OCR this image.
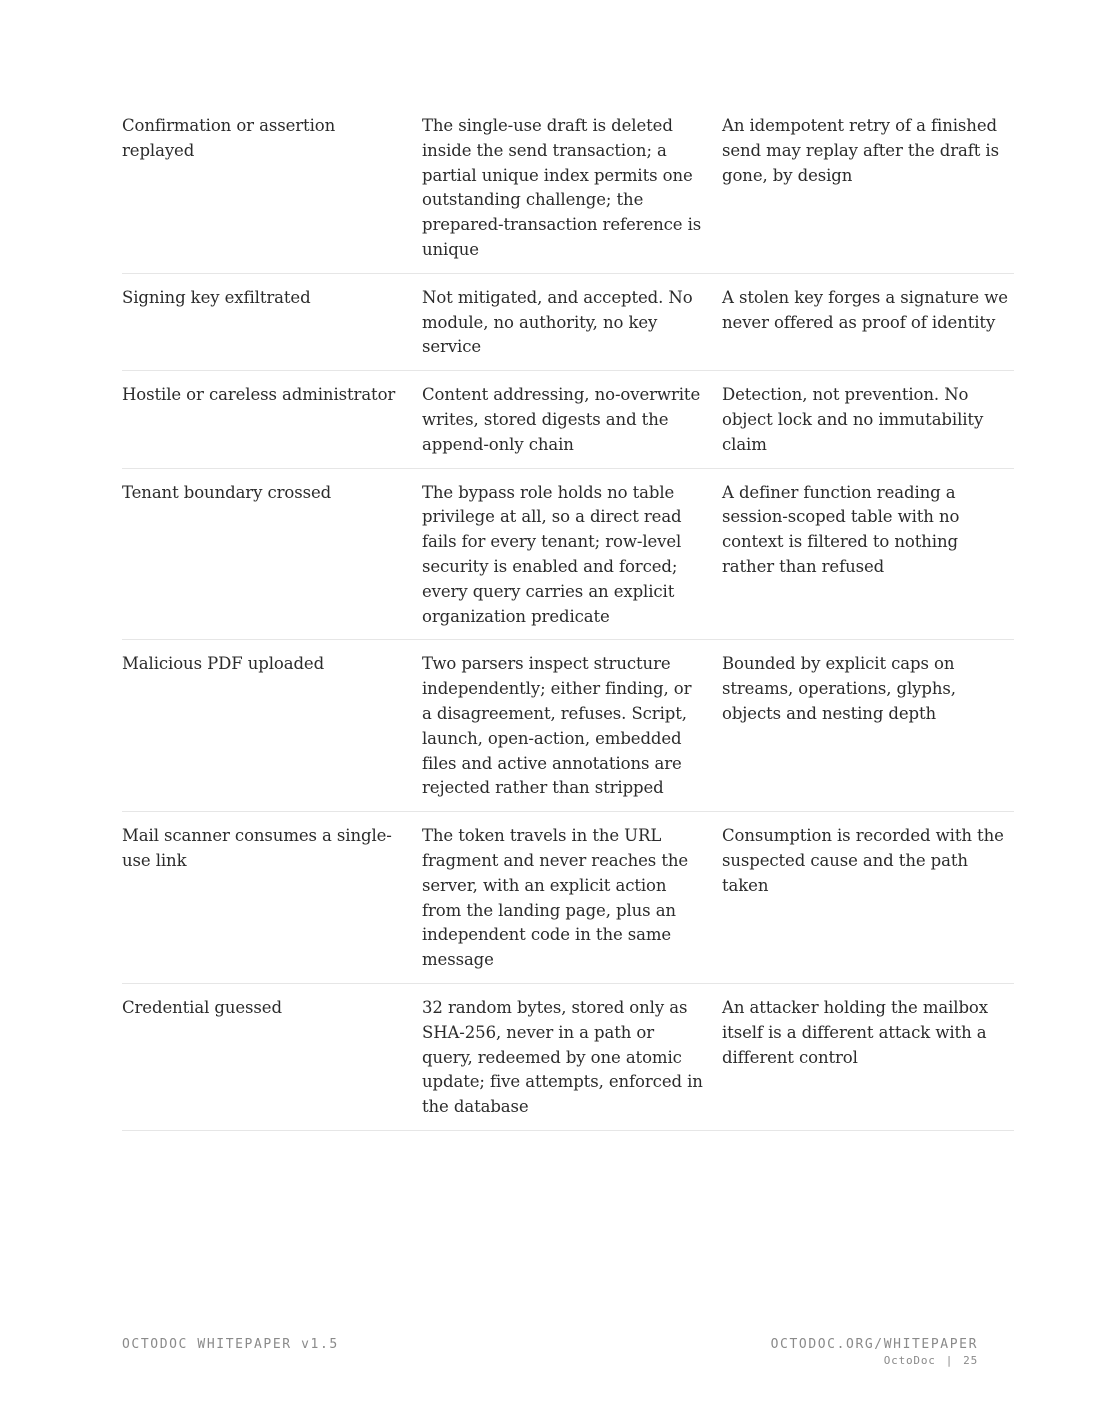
Confirmation or assertion replayed	The single-use draft is deleted inside the send transaction; a partial unique index permits one outstanding challenge; the prepared-transaction reference is unique	An idempotent retry of a finished send may replay after the draft is gone, by design
Signing key exfiltrated	Not mitigated, and accepted. No module, no authority, no key service	A stolen key forges a signature we never offered as proof of identity
Hostile or careless administrator	Content addressing, no-overwrite writes, stored digests and the append-only chain	Detection, not prevention. No object lock and no immutability claim
Tenant boundary crossed	The bypass role holds no table privilege at all, so a direct read fails for every tenant; row-level security is enabled and forced; every query carries an explicit organization predicate	A definer function reading a session-scoped table with no context is filtered to nothing rather than refused
Malicious PDF uploaded	Two parsers inspect structure independently; either finding, or a disagreement, refuses. Script, launch, open-action, embedded files and active annotations are rejected rather than stripped	Bounded by explicit caps on streams, operations, glyphs, objects and nesting depth
Mail scanner consumes a single-use link	The token travels in the URL fragment and never reaches the server, with an explicit action from the landing page, plus an independent code in the same message	Consumption is recorded with the suspected cause and the path taken
Credential guessed	32 random bytes, stored only as SHA-256, never in a path or query, redeemed by one atomic update; five attempts, enforced in the database	An attacker holding the mailbox itself is a different attack with a different control
OCTODOC WHITEPAPER v1.5	OCTODOC.ORG/WHITEPAPER
OctoDoc | 25
